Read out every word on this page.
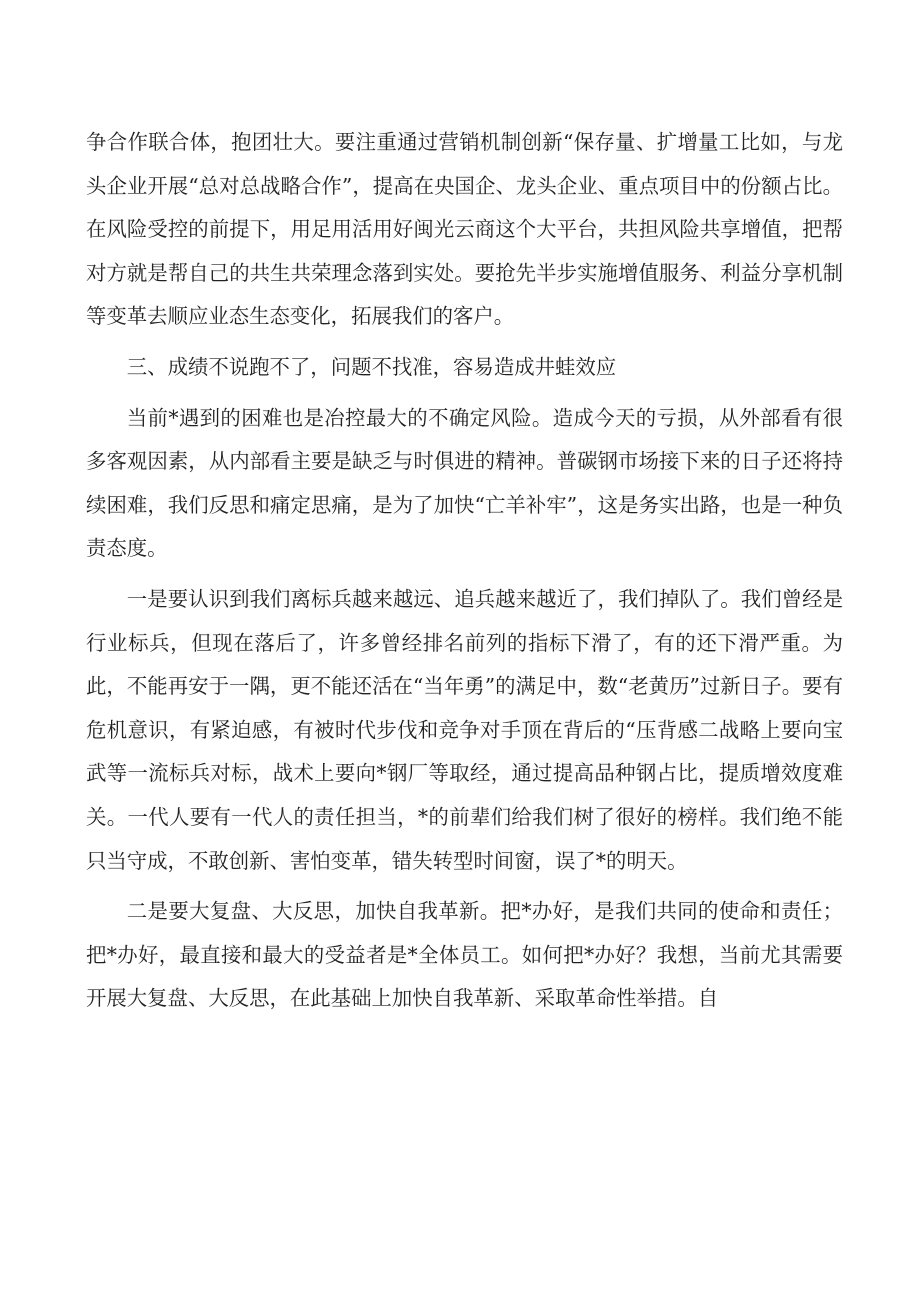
争合作联合体，抱团壮大。要注重通过营销机制创新“保存量、扩增量工比如，与龙头企业开展“总对总战略合作”，提高在央国企、龙头企业、重点项目中的份额占比。在风险受控的前提下，用足用活用好闽光云商这个大平台，共担风险共享增值，把帮对方就是帮自己的共生共荣理念落到实处。要抢先半步实施增值服务、利益分享机制等变革去顺应业态生态变化，拓展我们的客户。

三、成绩不说跑不了，问题不找准，容易造成井蛙效应

当前*遇到的困难也是冶控最大的不确定风险。造成今天的亏损，从外部看有很多客观因素，从内部看主要是缺乏与时俱进的精神。普碳钢市场接下来的日子还将持续困难，我们反思和痛定思痛，是为了加快“亡羊补牢”，这是务实出路，也是一种负责态度。

一是要认识到我们离标兵越来越远、追兵越来越近了，我们掉队了。我们曾经是行业标兵，但现在落后了，许多曾经排名前列的指标下滑了，有的还下滑严重。为此，不能再安于一隅，更不能还活在“当年勇”的满足中，数“老黄历”过新日子。要有危机意识，有紧迫感，有被时代步伐和竞争对手顶在背后的“压背感二战略上要向宝武等一流标兵对标，战术上要向*钢厂等取经，通过提高品种钢占比，提质增效度难关。一代人要有一代人的责任担当，*的前辈们给我们树了很好的榜样。我们绝不能只当守成，不敢创新、害怕变革，错失转型时间窗，误了*的明天。

二是要大复盘、大反思，加快自我革新。把*办好，是我们共同的使命和责任；把*办好，最直接和最大的受益者是*全体员工。如何把*办好？我想，当前尤其需要开展大复盘、大反思，在此基础上加快自我革新、采取革命性举措。自
